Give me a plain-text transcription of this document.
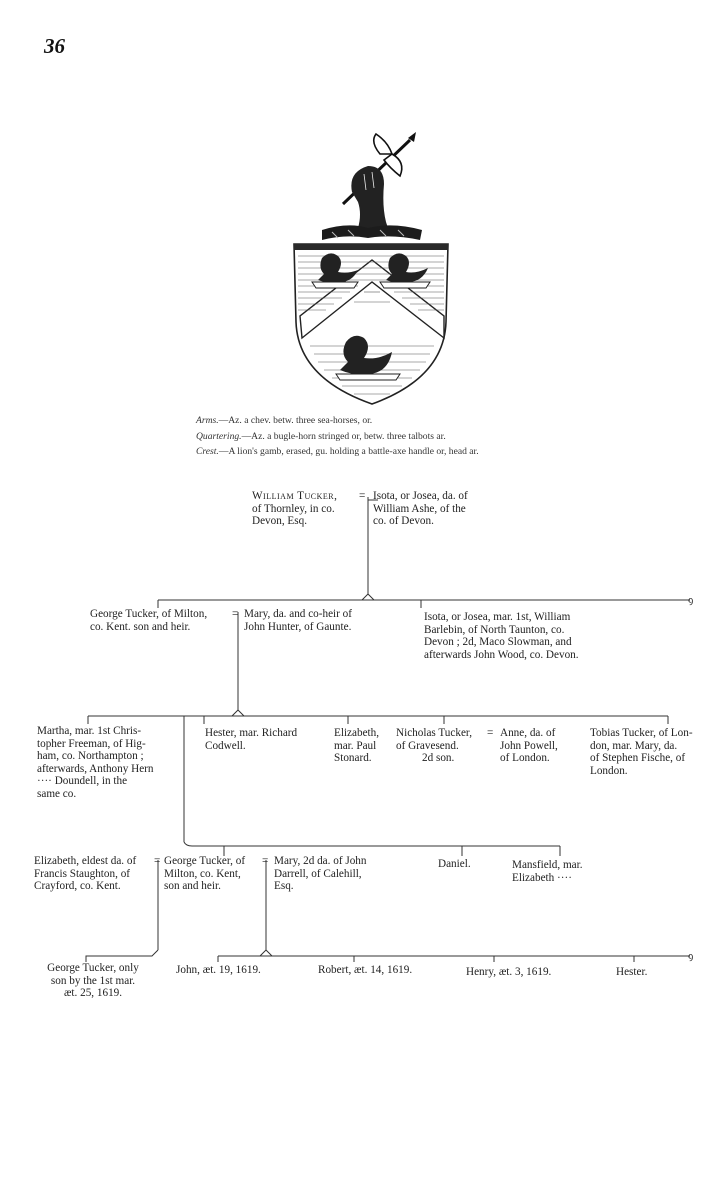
36
Arms.—Az. a chev. betw. three sea-horses, or.
Quartering.—Az. a bugle-horn stringed or, betw. three talbots ar.
Crest.—A lion's gamb, erased, gu. holding a battle-axe handle or, head ar.
ꝯ
ꝯ
William Tucker,
of Thornley, in co.
Devon, Esq.
= Isota, or Josea, da. of
William Ashe, of the
co. of Devon.
George Tucker, of Milton,
co. Kent. son and heir.
= Mary, da. and co-heir of
John Hunter, of Gaunte.
Isota, or Josea, mar. 1st, William
Barlebin, of North Taunton, co.
Devon ; 2d, Maco Slowman, and
afterwards John Wood, co. Devon.
Martha, mar. 1st Chris-
topher Freeman, of Hig-
ham, co. Northampton ;
afterwards, Anthony Hern
···· Doundell, in the
same co.
Hester, mar. Richard
Codwell.
Elizabeth,
mar. Paul
Stonard.
Nicholas Tucker,
of Gravesend.
2d son.
= Anne, da. of
John Powell,
of London.
Tobias Tucker, of Lon-
don, mar. Mary, da.
of Stephen Fische, of
London.
Elizabeth, eldest da. of
Francis Staughton, of
Crayford, co. Kent.
= George Tucker, of
Milton, co. Kent,
son and heir.
= Mary, 2d da. of John
Darrell, of Calehill,
Esq.
Daniel.	Mansfield, mar.
Elizabeth ····
George Tucker, only
son by the 1st mar.
æt. 25, 1619.
John, æt. 19, 1619.	Robert, æt. 14, 1619.	Henry, æt. 3, 1619.	Hester.
